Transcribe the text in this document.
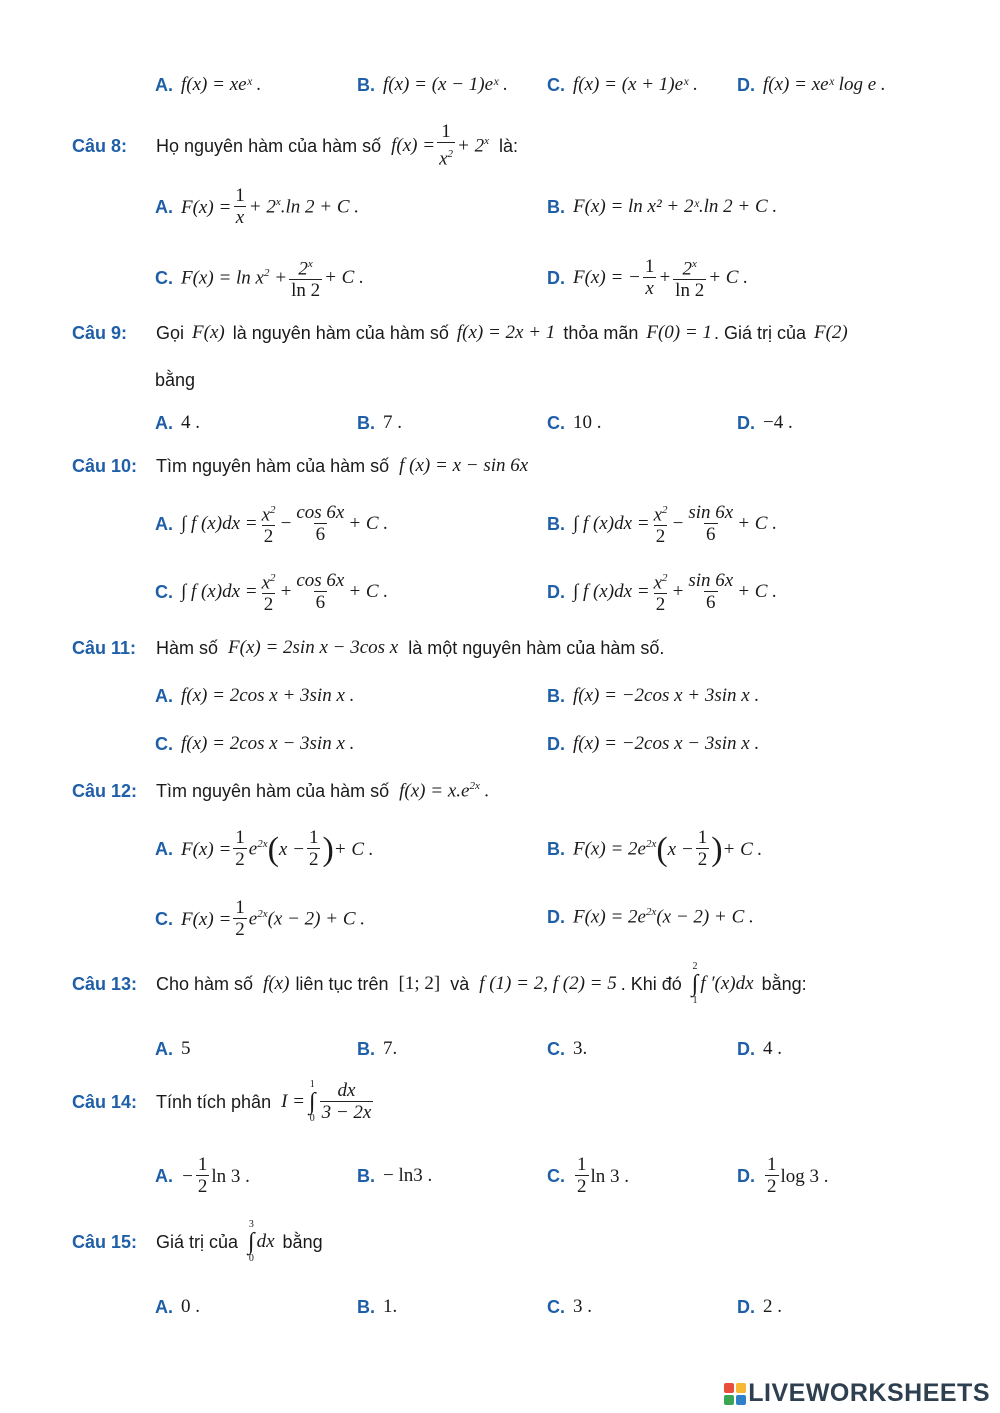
A. f(x) = xeˣ .	B. f(x) = (x − 1)eˣ . C. f(x) = (x + 1)eˣ . D. f(x) = xeˣ log e .
Câu 8:	Họ nguyên hàm của hàm số $f(x) = \frac{1}{x^2} + 2^x$ là:
A. $F(x) = \frac{1}{x} + 2^x.\ln$ 2 + C .	B. F(x) = ln x² + 2ˣ.ln 2 + C .
C. $F(x) = \ln x^2 + \frac{2^x}{\ln 2} + C$ .	D. F(x) = − $\frac{1}{x} + \frac{2^x}{\ln 2} + C$ .
Câu 9:	Gọi F(x) là nguyên hàm của hàm số f(x) = 2x + 1 thỏa mãn F(0) = 1 . Giá trị của F(2)
bằng
A. 4 .	B. 7 .	C. 10 .	D. −4 .
Câu 10:	Tìm nguyên hàm của hàm số f (x) = x − sin 6x
A. ∫ f $(x)dx = \frac{x^2}{2} - \frac{\cos 6x}{6} + C$ .	B. ∫ f $(x)dx = \frac{x^2}{2} - \frac{\sin 6x}{6} + C$ .
C. ∫ f $(x)dx = \frac{x^2}{2} + \frac{\cos 6x}{6} + C$ .	D. ∫ f $(x)dx = \frac{x^2}{2} + \frac{\sin 6x}{6} + C$ .
Câu 11:	Hàm số F(x) = 2sin x − 3cos x là một nguyên hàm của hàm số.
A. f(x) = 2cos x + 3sin x .	B. f(x) = −2cos x + 3sin x .
C. f(x) = 2cos x − 3sin x .	D. f(x) = −2cos x − 3sin x .
Câu 12:	Tìm nguyên hàm của hàm số $f(x) = x.e^{2x}$ .
A. $F(x) = \frac{1}{2} e^{2x}$ ( $x - \frac{1}{2}$ ) + C .	B. $F(x) = 2e^{2x}$ ( $x - \frac{1}{2}$ ) + C .
C. $F(x) = \frac{1}{2} e^{2x}(x - 2) + C$ .	D. $F(x) = 2e^{2x}(x - 2) + C$ .
Câu 13:	Cho hàm số f(x) liên tục trên [1; 2] và f (1) = 2, f (2) = 5 . Khi đó
2
∫
1
f ′(x)dx bằng:
A. 5	B. 7.	C. 3.	D. 4 .
Câu 14:	Tính tích phân I =
1
∫
$0 \frac{dx}{3 - 2x}$
A. − $\frac{1}{2}$ ln 3 .	B. − ln3 .	C. $\frac{1}{2}$ ln 3 .	D. $\frac{1}{2}$ log 3 .
Câu 15:	Giá trị của
3
∫
0
dx bằng
A. 0 .	B. 1.	C. 3 .	D. 2 .
LIVEWORKSHEETS
